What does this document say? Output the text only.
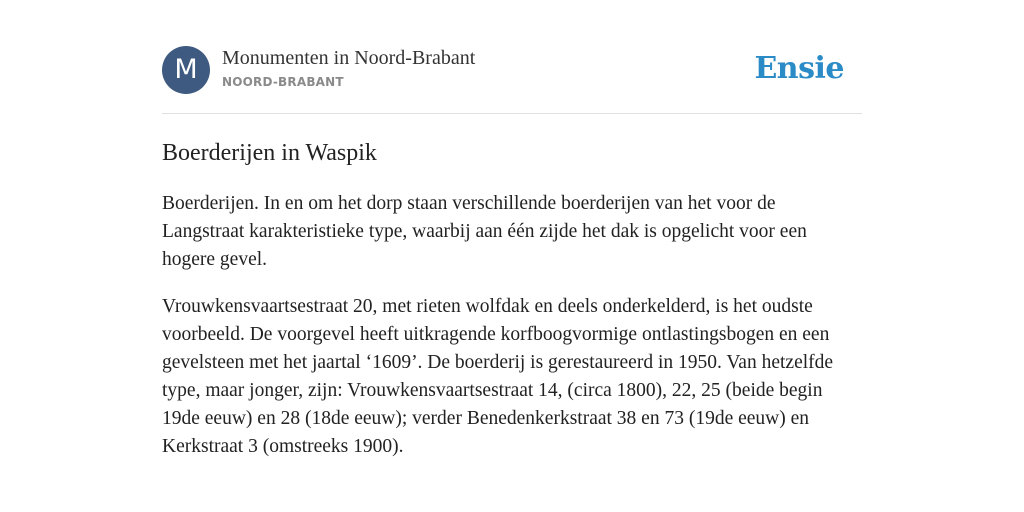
M	Monumenten in Noord-Brabant
NOORD-BRABANT	Ensie
Boerderijen in Waspik

Boerderijen. In en om het dorp staan verschillende boerderijen van het voor de Langstraat karakteristieke type, waarbij aan één zijde het dak is opgelicht voor een hogere gevel.

Vrouwkensvaartsestraat 20, met rieten wolfdak en deels onderkelderd, is het oudste voorbeeld. De voorgevel heeft uitkragende korfboogvormige ontlastingsbogen en een gevelsteen met het jaartal ‘1609’. De boerderij is gerestaureerd in 1950. Van hetzelfde type, maar jonger, zijn: Vrouwkensvaartsestraat 14, (circa 1800), 22, 25 (beide begin 19de eeuw) en 28 (18de eeuw); verder Benedenkerkstraat 38 en 73 (19de eeuw) en Kerkstraat 3 (omstreeks 1900).
